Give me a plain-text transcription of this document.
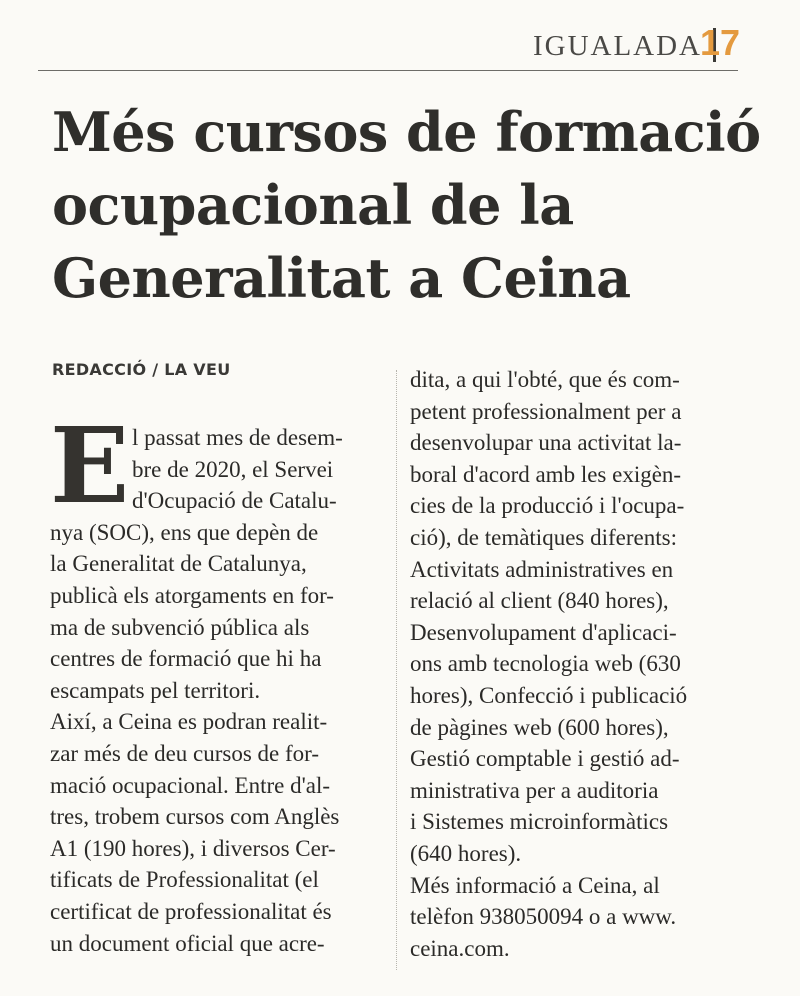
IGUALADA
17
Més cursos de formació
ocupacional de la
Generalitat a Ceina
REDACCIÓ / LA VEU
E l passat mes de desem-
bre de 2020, el Servei
d'Ocupació de Catalu-
nya (SOC), ens que depèn de
la Generalitat de Catalunya,
publicà els atorgaments en for-
ma de subvenció pública als
centres de formació que hi ha
escampats pel territori.
Així, a Ceina es podran realit-
zar més de deu cursos de for-
mació ocupacional. Entre d'al-
tres, trobem cursos com Anglès
A1 (190 hores), i diversos Cer-
tificats de Professionalitat (el
certificat de professionalitat és
un document oficial que acre-
dita, a qui l'obté, que és com-
petent professionalment per a
desenvolupar una activitat la-
boral d'acord amb les exigèn-
cies de la producció i l'ocupa-
ció), de temàtiques diferents:
Activitats administratives en
relació al client (840 hores),
Desenvolupament d'aplicaci-
ons amb tecnologia web (630
hores), Confecció i publicació
de pàgines web (600 hores),
Gestió comptable i gestió ad-
ministrativa per a auditoria
i Sistemes microinformàtics
(640 hores).
Més informació a Ceina, al
telèfon 938050094 o a www.
ceina.com.
